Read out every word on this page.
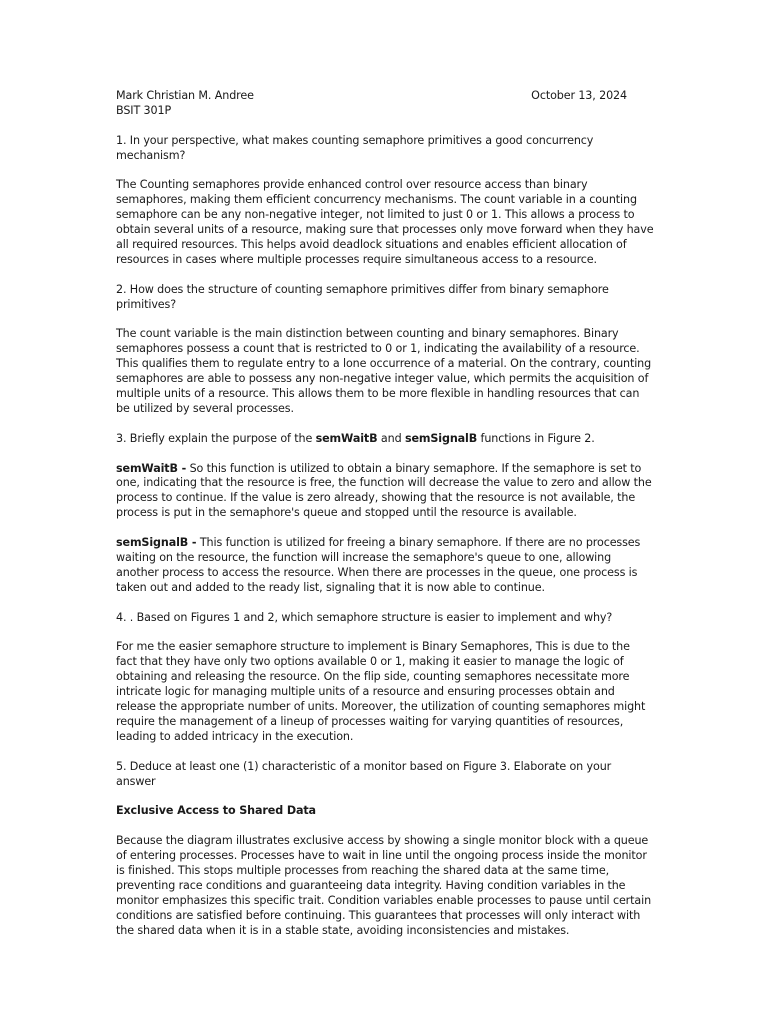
Mark Christian M. Andree	October 13, 2024

BSIT 301P

1. In your perspective, what makes counting semaphore primitives a good concurrency mechanism?

The Counting semaphores provide enhanced control over resource access than binary semaphores, making them efficient concurrency mechanisms. The count variable in a counting semaphore can be any non-negative integer, not limited to just 0 or 1. This allows a process to obtain several units of a resource, making sure that processes only move forward when they have all required resources. This helps avoid deadlock situations and enables efficient allocation of resources in cases where multiple processes require simultaneous access to a resource.

2. How does the structure of counting semaphore primitives differ from binary semaphore primitives?

The count variable is the main distinction between counting and binary semaphores. Binary semaphores possess a count that is restricted to 0 or 1, indicating the availability of a resource. This qualifies them to regulate entry to a lone occurrence of a material. On the contrary, counting semaphores are able to possess any non-negative integer value, which permits the acquisition of multiple units of a resource. This allows them to be more flexible in handling resources that can be utilized by several processes.

3. Briefly explain the purpose of the semWaitB and semSignalB functions in Figure 2.

semWaitB - So this function is utilized to obtain a binary semaphore. If the semaphore is set to one, indicating that the resource is free, the function will decrease the value to zero and allow the process to continue. If the value is zero already, showing that the resource is not available, the process is put in the semaphore's queue and stopped until the resource is available.

semSignalB - This function is utilized for freeing a binary semaphore. If there are no processes waiting on the resource, the function will increase the semaphore's queue to one, allowing another process to access the resource. When there are processes in the queue, one process is taken out and added to the ready list, signaling that it is now able to continue.

4. . Based on Figures 1 and 2, which semaphore structure is easier to implement and why?

For me the easier semaphore structure to implement is Binary Semaphores, This is due to the fact that they have only two options available 0 or 1, making it easier to manage the logic of obtaining and releasing the resource. On the flip side, counting semaphores necessitate more intricate logic for managing multiple units of a resource and ensuring processes obtain and release the appropriate number of units. Moreover, the utilization of counting semaphores might require the management of a lineup of processes waiting for varying quantities of resources, leading to added intricacy in the execution.

5. Deduce at least one (1) characteristic of a monitor based on Figure 3. Elaborate on your answer

Exclusive Access to Shared Data

Because the diagram illustrates exclusive access by showing a single monitor block with a queue of entering processes. Processes have to wait in line until the ongoing process inside the monitor is finished. This stops multiple processes from reaching the shared data at the same time, preventing race conditions and guaranteeing data integrity. Having condition variables in the monitor emphasizes this specific trait. Condition variables enable processes to pause until certain conditions are satisfied before continuing. This guarantees that processes will only interact with the shared data when it is in a stable state, avoiding inconsistencies and mistakes.
